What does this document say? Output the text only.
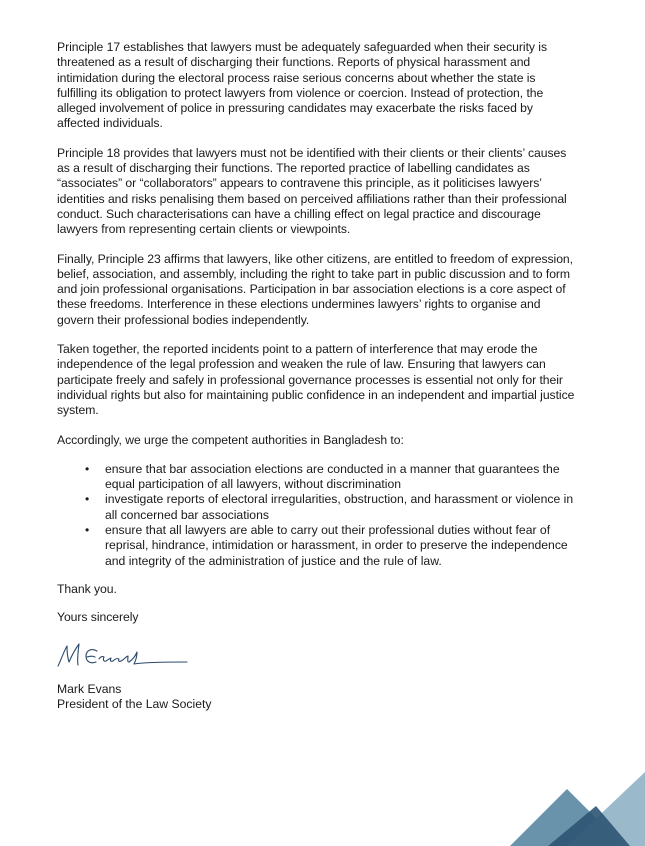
Principle 17 establishes that lawyers must be adequately safeguarded when their security is threatened as a result of discharging their functions. Reports of physical harassment and intimidation during the electoral process raise serious concerns about whether the state is fulfilling its obligation to protect lawyers from violence or coercion. Instead of protection, the alleged involvement of police in pressuring candidates may exacerbate the risks faced by affected individuals.

Principle 18 provides that lawyers must not be identified with their clients or their clients’ causes as a result of discharging their functions. The reported practice of labelling candidates as “associates” or “collaborators” appears to contravene this principle, as it politicises lawyers’ identities and risks penalising them based on perceived affiliations rather than their professional conduct. Such characterisations can have a chilling effect on legal practice and discourage lawyers from representing certain clients or viewpoints.

Finally, Principle 23 affirms that lawyers, like other citizens, are entitled to freedom of expression, belief, association, and assembly, including the right to take part in public discussion and to form and join professional organisations. Participation in bar association elections is a core aspect of these freedoms. Interference in these elections undermines lawyers’ rights to organise and govern their professional bodies independently.

Taken together, the reported incidents point to a pattern of interference that may erode the independence of the legal profession and weaken the rule of law. Ensuring that lawyers can participate freely and safely in professional governance processes is essential not only for their individual rights but also for maintaining public confidence in an independent and impartial justice system.

Accordingly, we urge the competent authorities in Bangladesh to:

• ensure that bar association elections are conducted in a manner that guarantees the equal participation of all lawyers, without discrimination
• investigate reports of electoral irregularities, obstruction, and harassment or violence in all concerned bar associations
• ensure that all lawyers are able to carry out their professional duties without fear of reprisal, hindrance, intimidation or harassment, in order to preserve the independence and integrity of the administration of justice and the rule of law.

Thank you.

Yours sincerely

Mark Evans

President of the Law Society
